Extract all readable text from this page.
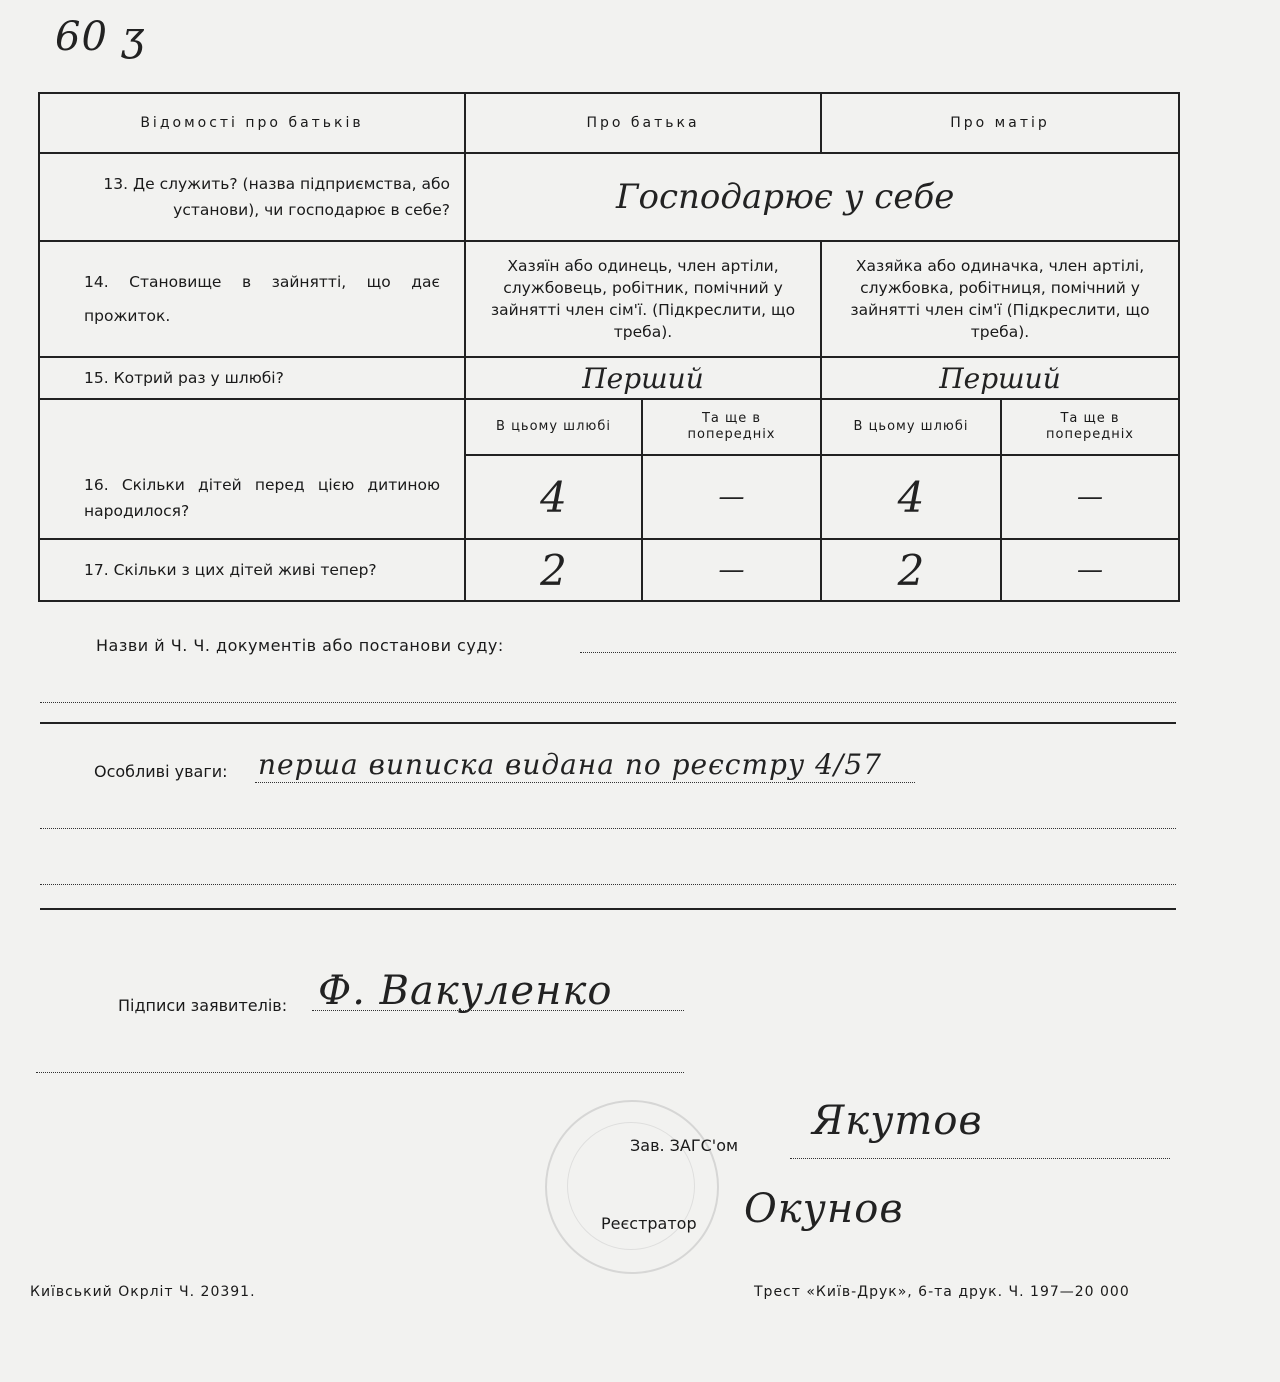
60 ʒ
Відомості про батьків	Про батька		Про матір	

13. Де служить? (назва підприємства, або установи), чи господарює в себе?	Господарює у себе			

14. Становище в зайнятті, що дає прожиток.	Хазяїн або одинець, член артіли, службовець, робітник, помічний у зайнятті член сім'ї. (Підкреслити, що треба).		Хазяйка або одиначка, член артілі, службовка, робітниця, помічний у зайнятті член сім'ї (Підкреслити, що треба).	
15. Котрий раз у шлюбі?	Перший		Перший	

16. Скільки дітей перед цією дитиною народилося?	В цьому шлюбі	Та ще в попередніх	В цьому шлюбі	Та ще в попередніх
	4	—	4	—
17. Скільки з цих дітей живі тепер?	2	—	2	—
Назви й Ч. Ч. документів або постанови суду:
Особливі уваги: перша виписка видана по реєстру 4/57
Підписи заявителів: Ф. Вакуленко
Зав. ЗАГС'ом
Якутов
Реєстратор Окунов
Київський Окрліт Ч. 20391.	Трест «Київ-Друк», 6-та друк. Ч. 197—20 000
